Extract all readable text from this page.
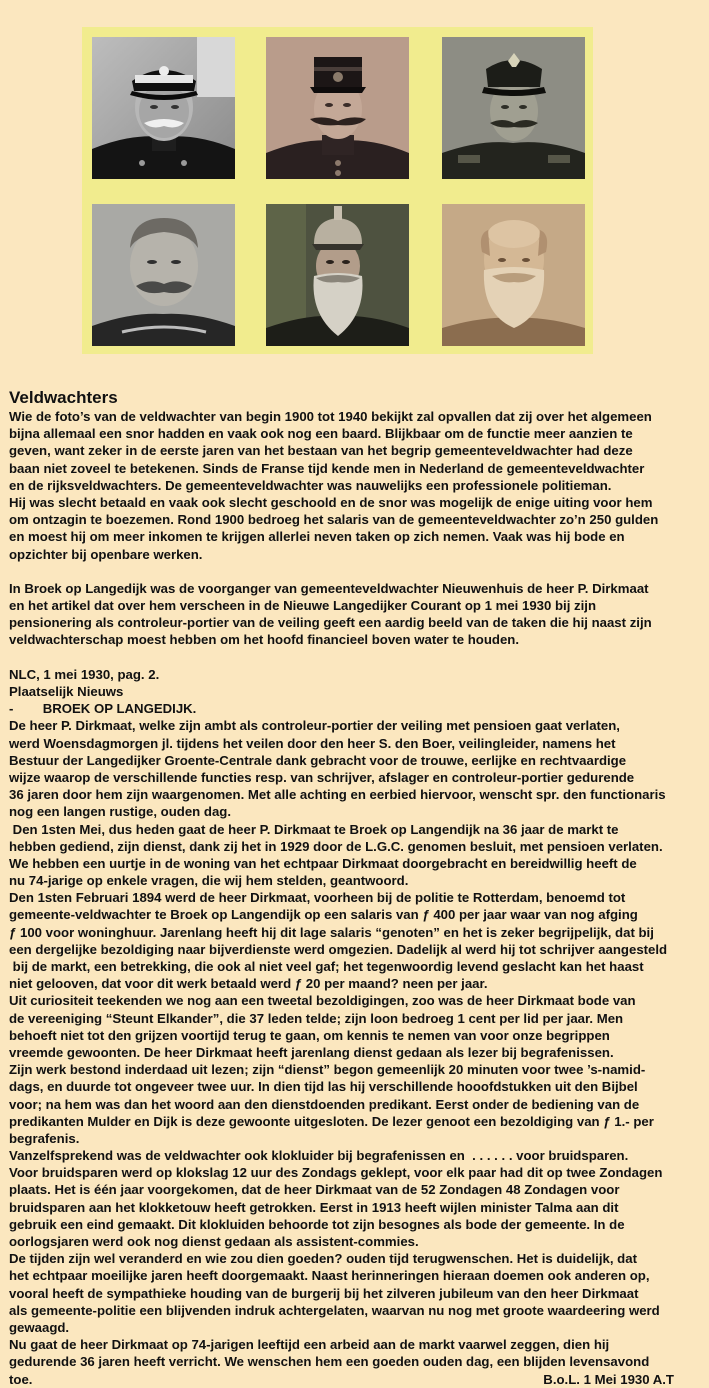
Veldwachters
Wie de foto’s van de veldwachter van begin 1900 tot 1940 bekijkt zal opvallen dat zij over het algemeen
bijna allemaal een snor hadden en vaak ook nog een baard. Blijkbaar om de functie meer aanzien te
geven, want zeker in de eerste jaren van het bestaan van het begrip gemeenteveldwachter had deze
baan niet zoveel te betekenen. Sinds de Franse tijd kende men in Nederland de gemeenteveldwachter
en de rijksveldwachters. De gemeenteveldwachter was nauwelijks een professionele politieman.
Hij was slecht betaald en vaak ook slecht geschoold en de snor was mogelijk de enige uiting voor hem
om ontzagin te boezemen. Rond 1900 bedroeg het salaris van de gemeenteveldwachter zo’n 250 gulden
en moest hij om meer inkomen te krijgen allerlei neven taken op zich nemen. Vaak was hij bode en
opzichter bij openbare werken.
In Broek op Langedijk was de voorganger van gemeenteveldwachter Nieuwenhuis de heer P. Dirkmaat
en het artikel dat over hem verscheen in de Nieuwe Langedijker Courant op 1 mei 1930 bij zijn
pensionering als controleur-portier van de veiling geeft een aardig beeld van de taken die hij naast zijn
veldwachterschap moest hebben om het hoofd financieel boven water te houden.
NLC, 1 mei 1930, pag. 2.
Plaatselijk Nieuws
-        BROEK OP LANGEDIJK.
De heer P. Dirkmaat, welke zijn ambt als controleur-portier der veiling met pensioen gaat verlaten,
werd Woensdagmorgen jl. tijdens het veilen door den heer S. den Boer, veilingleider, namens het
Bestuur der Langedijker Groente-Centrale dank gebracht voor de trouwe, eerlijke en rechtvaardige
wijze waarop de verschillende functies resp. van schrijver, afslager en controleur-portier gedurende
36 jaren door hem zijn waargenomen. Met alle achting en eerbied hiervoor, wenscht spr. den functionaris
nog een langen rustige, ouden dag.
Den 1sten Mei, dus heden gaat de heer P. Dirkmaat te Broek op Langendijk na 36 jaar de markt te
hebben gediend, zijn dienst, dank zij het in 1929 door de L.G.C. genomen besluit, met pensioen verlaten.
We hebben een uurtje in de woning van het echtpaar Dirkmaat doorgebracht en bereidwillig heeft de
nu 74-jarige op enkele vragen, die wij hem stelden, geantwoord.
Den 1sten Februari 1894 werd de heer Dirkmaat, voorheen bij de politie te Rotterdam, benoemd tot
gemeente-veldwachter te Broek op Langendijk op een salaris van ƒ 400 per jaar waar van nog afging
ƒ 100 voor woninghuur. Jarenlang heeft hij dit lage salaris “genoten” en het is zeker begrijpelijk, dat bij
een dergelijke bezoldiging naar bijverdienste werd omgezien. Dadelijk al werd hij tot schrijver aangesteld
bij de markt, een betrekking, die ook al niet veel gaf; het tegenwoordig levend geslacht kan het haast
niet gelooven, dat voor dit werk betaald werd ƒ 20 per maand? neen per jaar.
Uit curiositeit teekenden we nog aan een tweetal bezoldigingen, zoo was de heer Dirkmaat bode van
de vereeniging “Steunt Elkander”, die 37 leden telde; zijn loon bedroeg 1 cent per lid per jaar. Men
behoeft niet tot den grijzen voortijd terug te gaan, om kennis te nemen van voor onze begrippen
vreemde gewoonten. De heer Dirkmaat heeft jarenlang dienst gedaan als lezer bij begrafenissen.
Zijn werk bestond inderdaad uit lezen; zijn “dienst” begon gemeenlijk 20 minuten voor twee ’s-namid-
dags, en duurde tot ongeveer twee uur. In dien tijd las hij verschillende hooofdstukken uit den Bijbel
voor; na hem was dan het woord aan den dienstdoenden predikant. Eerst onder de bediening van de
predikanten Mulder en Dijk is deze gewoonte uitgesloten. De lezer genoot een bezoldiging van ƒ 1.- per
begrafenis.
Vanzelfsprekend was de veldwachter ook klokluider bij begrafenissen en  . . . . . . voor bruidsparen.
Voor bruidsparen werd op klokslag 12 uur des Zondags geklept, voor elk paar had dit op twee Zondagen
plaats. Het is één jaar voorgekomen, dat de heer Dirkmaat van de 52 Zondagen 48 Zondagen voor
bruidsparen aan het klokketouw heeft getrokken. Eerst in 1913 heeft wijlen minister Talma aan dit
gebruik een eind gemaakt. Dit klokluiden behoorde tot zijn besognes als bode der gemeente. In de
oorlogsjaren werd ook nog dienst gedaan als assistent-commies.
De tijden zijn wel veranderd en wie zou dien goeden? ouden tijd terugwenschen. Het is duidelijk, dat
het echtpaar moeilijke jaren heeft doorgemaakt. Naast herinneringen hieraan doemen ook anderen op,
vooral heeft de sympathieke houding van de burgerij bij het zilveren jubileum van den heer Dirkmaat
als gemeente-politie een blijvenden indruk achtergelaten, waarvan nu nog met groote waardeering werd
gewaagd.
Nu gaat de heer Dirkmaat op 74-jarigen leeftijd een arbeid aan de markt vaarwel zeggen, dien hij
gedurende 36 jaren heeft verricht. We wenschen hem een goeden ouden dag, een blijden levensavond
toe.	B.o.L. 1 Mei 1930 A.T
